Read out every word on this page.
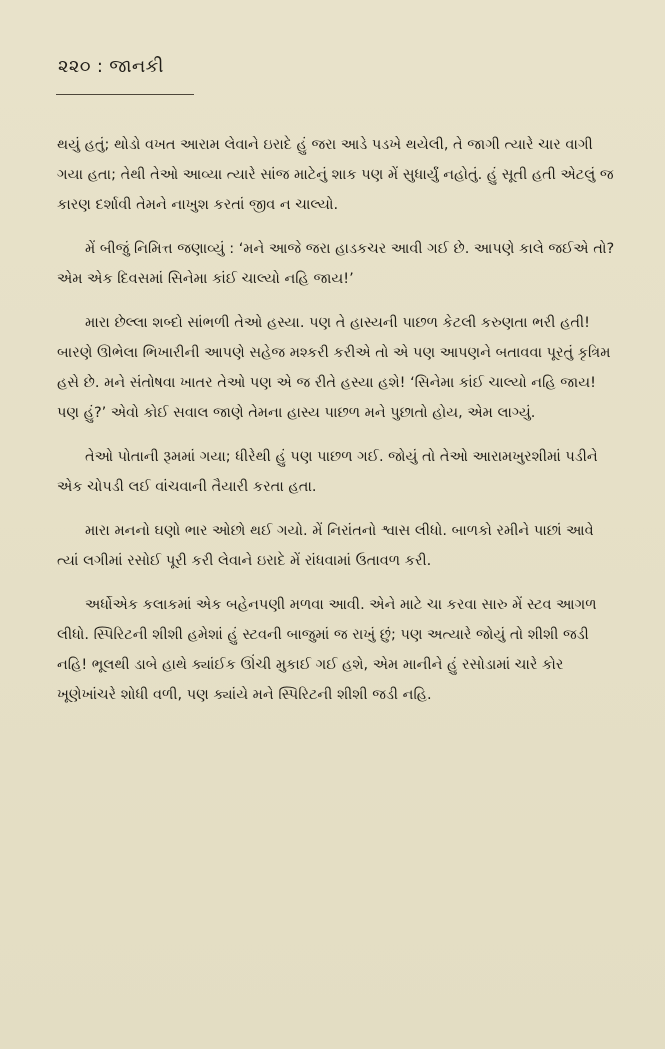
૨૨૦ : જાનકી

થયું હતું; થોડો વખત આરામ લેવાને ઇરાદે હું જરા આડે પડખે થયેલી, તે જાગી ત્યારે ચાર વાગી ગયા હતા; તેથી તેઓ આવ્યા ત્યારે સાંજ માટેનું શાક પણ મેં સુધાર્યું નહોતું. હું સૂતી હતી એટલું જ કારણ દર્શાવી તેમને નાખુશ કરતાં જીવ ન ચાલ્યો.

મેં બીજું નિમિત્ત જણાવ્યું : ‘મને આજે જરા હાડકચર આવી ગઈ છે. આપણે કાલે જઈએ તો? એમ એક દિવસમાં સિનેમા કાંઈ ચાલ્યો નહિ જાય!’

મારા છેલ્લા શબ્દો સાંભળી તેઓ હસ્યા. પણ તે હાસ્યની પાછળ કેટલી કરુણતા ભરી હતી! બારણે ઊભેલા ભિખારીની આપણે સહેજ મશ્કરી કરીએ તો એ પણ આપણને બતાવવા પૂરતું કૃત્રિમ હસે છે. મને સંતોષવા ખાતર તેઓ પણ એ જ રીતે હસ્યા હશે! ‘સિનેમા કાંઈ ચાલ્યો નહિ જાય! પણ હું?’ એવો કોઈ સવાલ જાણે તેમના હાસ્ય પાછળ મને પુછાતો હોય, એમ લાગ્યું.

તેઓ પોતાની રૂમમાં ગયા; ધીરેથી હું પણ પાછળ ગઈ. જોયું તો તેઓ આરામખુરશીમાં પડીને એક ચોપડી લઈ વાંચવાની તૈયારી કરતા હતા.

મારા મનનો ઘણો ભાર ઓછો થઈ ગયો. મેં નિરાંતનો શ્વાસ લીધો. બાળકો રમીને પાછાં આવે ત્યાં લગીમાં રસોઈ પૂરી કરી લેવાને ઇરાદે મેં રાંધવામાં ઉતાવળ કરી.

અર્ધોએક કલાકમાં એક બહેનપણી મળવા આવી. એને માટે ચા કરવા સારુ મેં સ્ટવ આગળ લીધો. સ્પિરિટની શીશી હમેશાં હું સ્ટવની બાજુમાં જ રાખું છું; પણ અત્યારે જોયું તો શીશી જડી નહિ! ભૂલથી ડાબે હાથે ક્યાંઈક ઊંચી મુકાઈ ગઈ હશે, એમ માનીને હું રસોડામાં ચારે કોર ખૂણેખાંચરે શોધી વળી, પણ ક્યાંયે મને સ્પિરિટની શીશી જડી નહિ.
